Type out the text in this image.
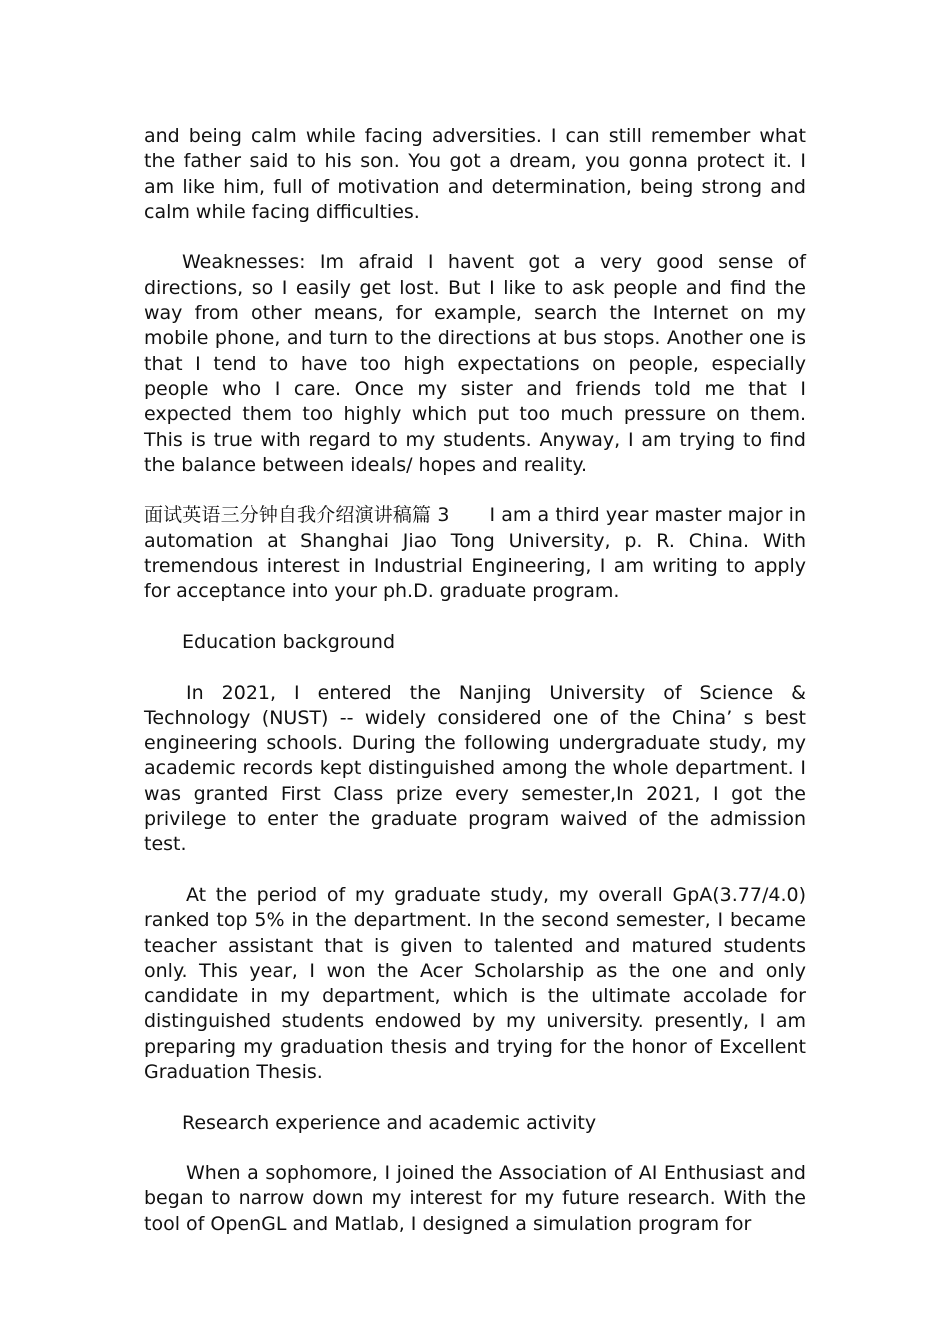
and being calm while facing adversities. I can still remember what the father said to his son. You got a dream, you gonna protect it. I am like him, full of motivation and determination, being strong and calm while facing difficulties.

Weaknesses: Im afraid I havent got a very good sense of directions, so I easily get lost. But I like to ask people and find the way from other means, for example, search the Internet on my mobile phone, and turn to the directions at bus stops. Another one is that I tend to have too high expectations on people, especially people who I care. Once my sister and friends told me that I expected them too highly which put too much pressure on them. This is true with regard to my students. Anyway, I am trying to find the balance between ideals/ hopes and reality.

面试英语三分钟自我介绍演讲稿篇 3 I am a third year master major in automation at Shanghai Jiao Tong University, p. R. China. With tremendous interest in Industrial Engineering, I am writing to apply for acceptance into your ph.D. graduate program.

Education background

In 2021, I entered the Nanjing University of Science & Technology (NUST) -- widely considered one of the China’ s best engineering schools. During the following undergraduate study, my academic records kept distinguished among the whole department. I was granted First Class prize every semester,In 2021, I got the privilege to enter the graduate program waived of the admission test.

At the period of my graduate study, my overall GpA(3.77/4.0) ranked top 5% in the department. In the second semester, I became teacher assistant that is given to talented and matured students only. This year, I won the Acer Scholarship as the one and only candidate in my department, which is the ultimate accolade for distinguished students endowed by my university. presently, I am preparing my graduation thesis and trying for the honor of Excellent Graduation Thesis.

Research experience and academic activity

When a sophomore, I joined the Association of AI Enthusiast and began to narrow down my interest for my future research. With the tool of OpenGL and Matlab, I designed a simulation program for
